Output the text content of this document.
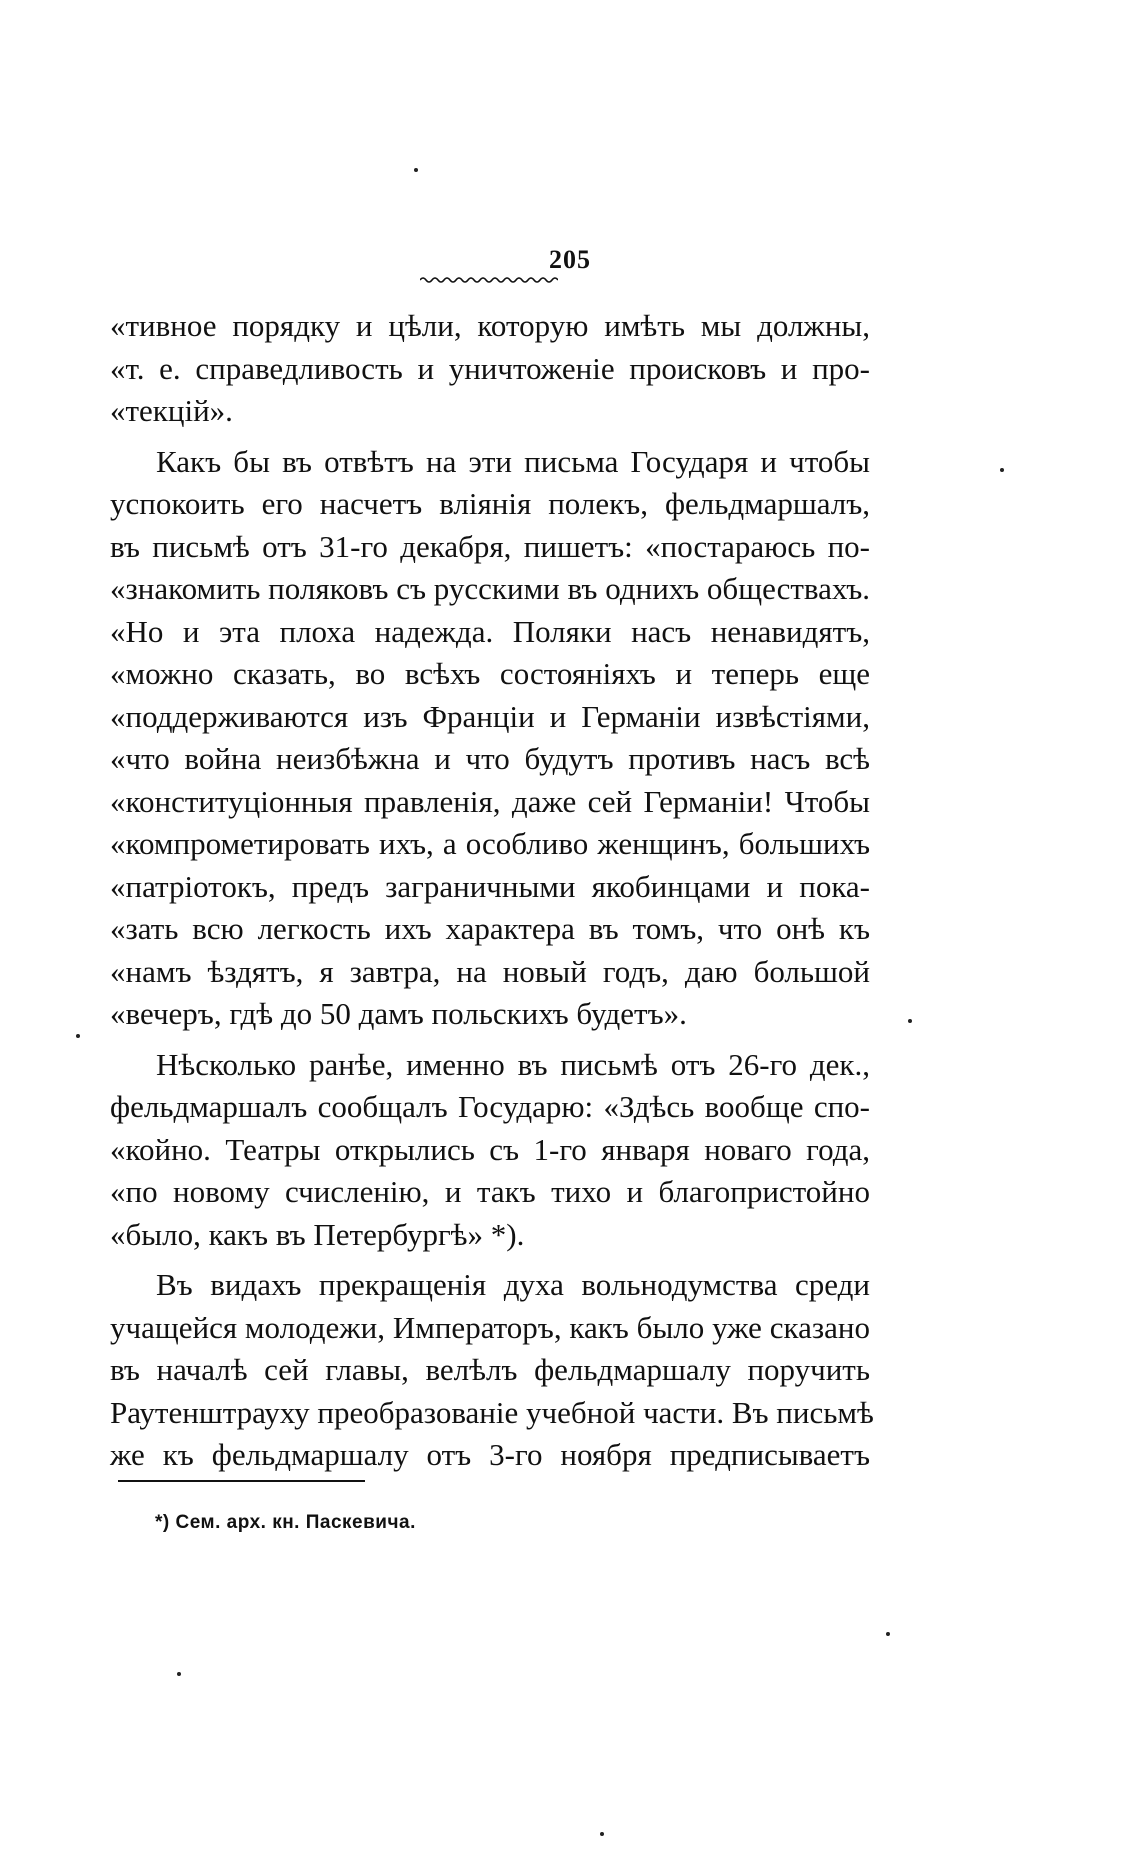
205
«тивное порядку и цѣли, которую имѣть мы должны,
«т. е. справедливость и уничтоженіе происковъ и про-
«текцій».
Какъ бы въ отвѣтъ на эти письма Государя и чтобы
успокоить его насчетъ вліянія полекъ, фельдмаршалъ,
въ письмѣ отъ 31-го декабря, пишетъ: «постараюсь по-
«знакомить поляковъ съ русскими въ однихъ обществахъ.
«Но и эта плоха надежда. Поляки насъ ненавидятъ,
«можно сказать, во всѣхъ состояніяхъ и теперь еще
«поддерживаются изъ Франціи и Германіи извѣстіями,
«что война неизбѣжна и что будутъ противъ насъ всѣ
«конституціонныя правленія, даже сей Германіи! Чтобы
«компрометировать ихъ, а особливо женщинъ, большихъ
«патріотокъ, предъ заграничными якобинцами и пока-
«зать всю легкость ихъ характера въ томъ, что онѣ къ
«намъ ѣздятъ, я завтра, на новый годъ, даю большой
«вечеръ, гдѣ до 50 дамъ польскихъ будетъ».
Нѣсколько ранѣе, именно въ письмѣ отъ 26-го дек.,
фельдмаршалъ сообщалъ Государю: «Здѣсь вообще спо-
«койно. Театры открылись съ 1-го января новаго года,
«по новому счисленію, и такъ тихо и благопристойно
«было, какъ въ Петербургѣ» *).
Въ видахъ прекращенія духа вольнодумства среди
учащейся молодежи, Императоръ, какъ было уже сказано
въ началѣ сей главы, велѣлъ фельдмаршалу поручить
Раутенштрауху преобразованіе учебной части. Въ письмѣ
же къ фельдмаршалу отъ 3-го ноября предписываетъ
*) Сем. арх. кн. Паскевича.
